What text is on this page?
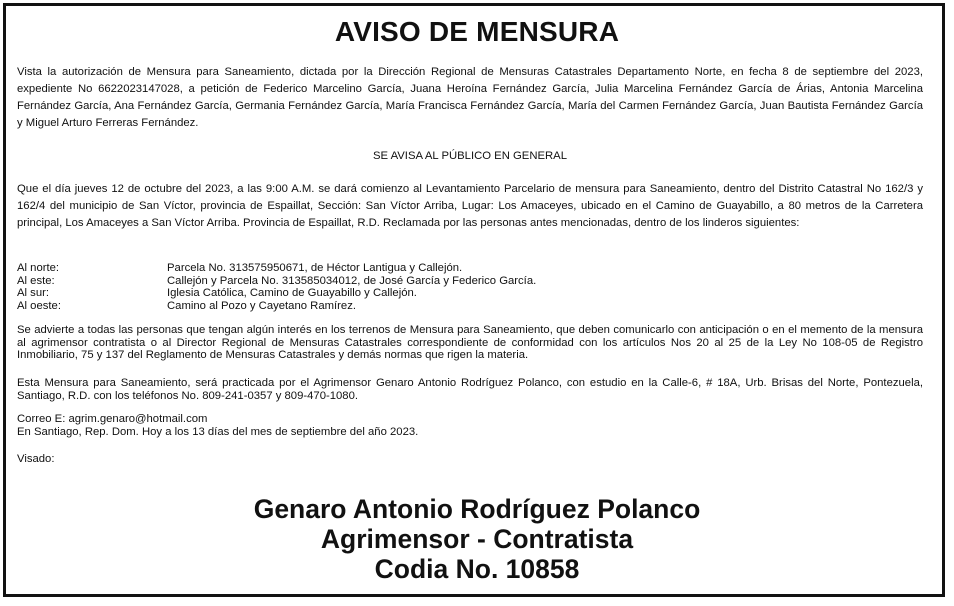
AVISO DE MENSURA

Vista la autorización de Mensura para Saneamiento, dictada por la Dirección Regional de Mensuras Catastrales Departamento Norte, en fecha 8 de septiembre del 2023, expediente No 6622023147028, a petición de Federico Marcelino García, Juana Heroína Fernández García, Julia Marcelina Fernández García de Árias, Antonia Marcelina Fernández García, Ana Fernández García, Germania Fernández García, María Francisca Fernández García, María del Carmen Fernández García, Juan Bautista Fernández García y Miguel Arturo Ferreras Fernández.

SE AVISA AL PÚBLICO EN GENERAL

Que el día jueves 12 de octubre del 2023, a las 9:00 A.M. se dará comienzo al Levantamiento Parcelario de mensura para Saneamiento, dentro del Distrito Catastral No 162/3 y 162/4 del municipio de San Víctor, provincia de Espaillat, Sección: San Víctor Arriba, Lugar: Los Amaceyes, ubicado en el Camino de Guayabillo, a 80 metros de la Carretera principal, Los Amaceyes a San Víctor Arriba. Provincia de Espaillat, R.D. Reclamada por las personas antes mencionadas, dentro de los linderos siguientes:

Al norte:	Parcela No. 313575950671, de Héctor Lantigua y Callejón.
Al este:	Callejón y Parcela No. 313585034012, de José García y Federico García.
Al sur:	Iglesia Católica, Camino de Guayabillo y Callejón.
Al oeste:	Camino al Pozo y Cayetano Ramírez.

Se advierte a todas las personas que tengan algún interés en los terrenos de Mensura para Saneamiento, que deben comunicarlo con anticipación o en el memento de la mensura al agrimensor contratista o al Director Regional de Mensuras Catastrales correspondiente de conformidad con los artículos Nos 20 al 25 de la Ley No 108-05 de Registro Inmobiliario, 75 y 137 del Reglamento de Mensuras Catastrales y demás normas que rigen la materia.

Esta Mensura para Saneamiento, será practicada por el Agrimensor Genaro Antonio Rodríguez Polanco, con estudio en la Calle-6, # 18A, Urb. Brisas del Norte, Pontezuela, Santiago, R.D. con los teléfonos No. 809-241-0357 y 809-470-1080.

Correo E: agrim.genaro@hotmail.com
En Santiago, Rep. Dom. Hoy a los 13 días del mes de septiembre del año 2023.

Visado:

Genaro Antonio Rodríguez Polanco

Agrimensor - Contratista

Codia No. 10858
